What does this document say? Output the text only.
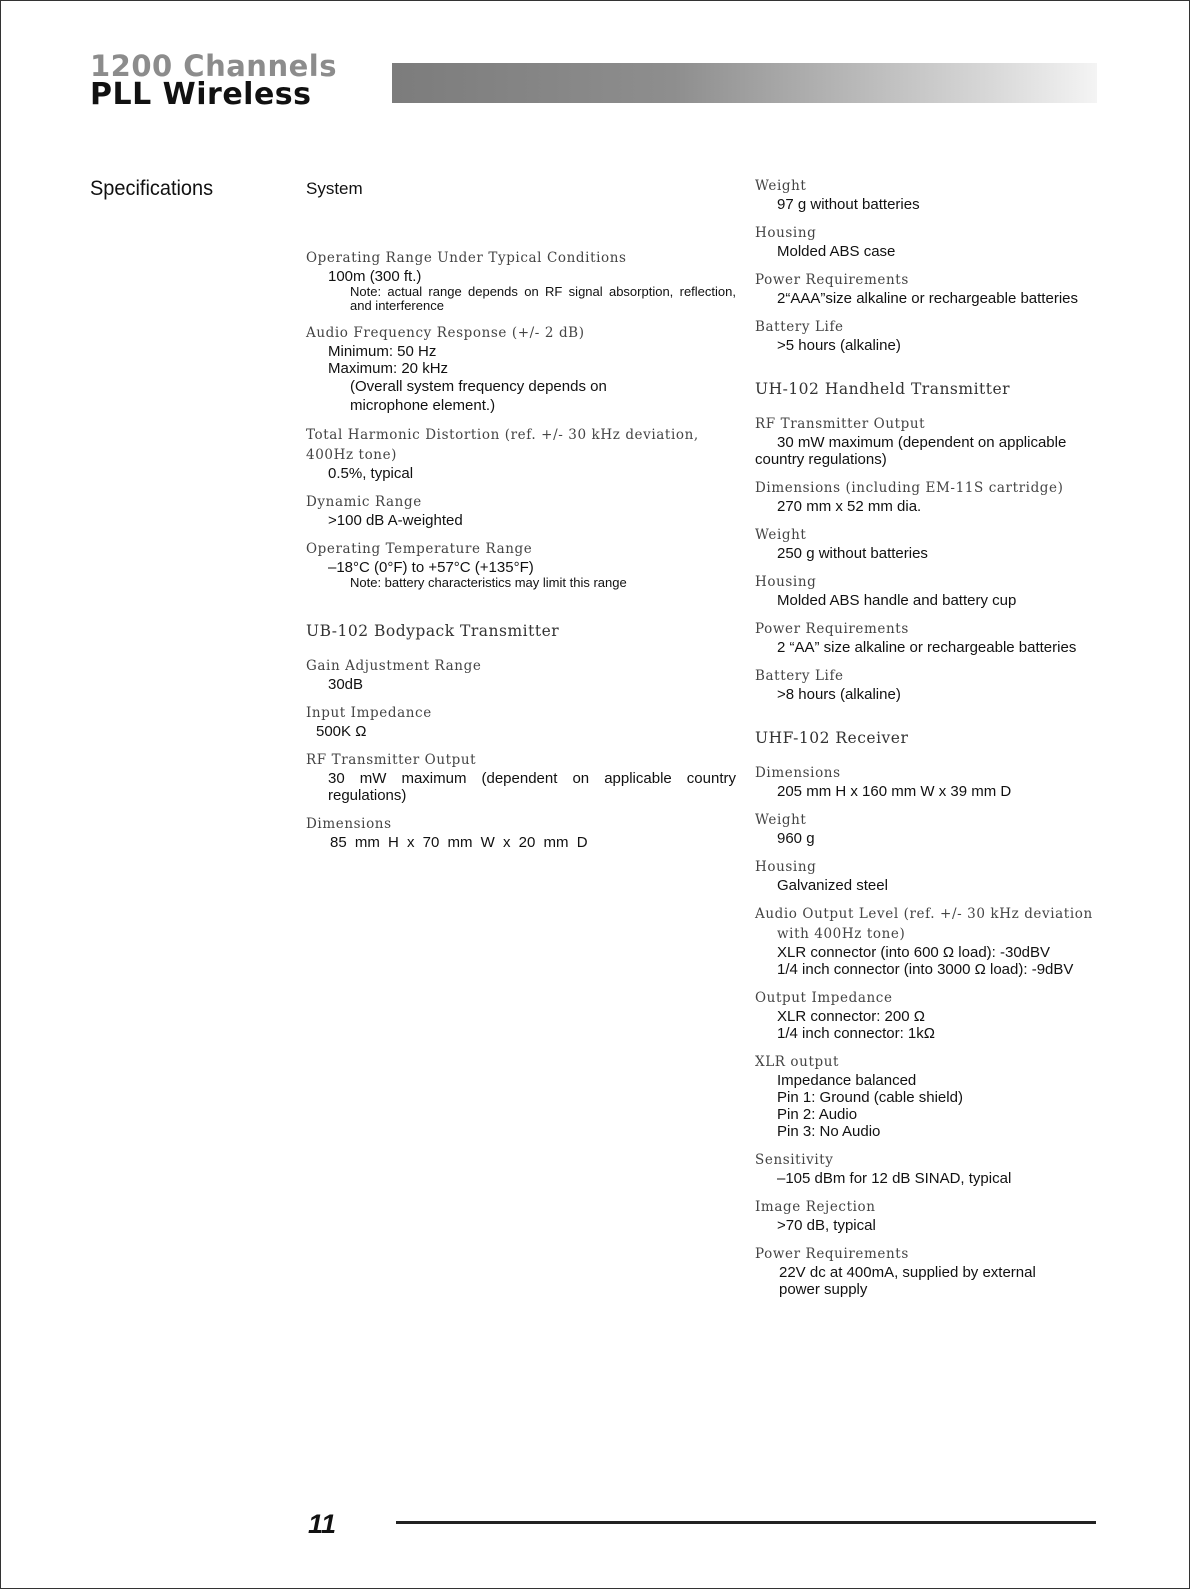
1200 Channels
PLL Wireless
Specifications	System
Operating Range Under Typical Conditions
100m (300 ft.)
Note: actual range depends on RF signal absorption, reflection, and interference
Audio Frequency Response (+/- 2 dB)
Minimum: 50 Hz
Maximum: 20 kHz
(Overall system frequency depends on microphone element.)
Total Harmonic Distortion (ref. +/- 30 kHz deviation, 400Hz tone)
0.5%, typical
Dynamic Range
>100 dB A-weighted
Operating Temperature Range
–18°C (0°F) to +57°C (+135°F)
Note: battery characteristics may limit this range
UB-102 Bodypack Transmitter
Gain Adjustment Range
30dB
Input Impedance
500K Ω
RF Transmitter Output
30 mW maximum (dependent on applicable country regulations)
Dimensions
85 mm H x 70 mm W x 20 mm D
Weight
97 g without batteries
Housing
Molded ABS case
Power Requirements
2“AAA”size alkaline or rechargeable batteries
Battery Life
>5 hours (alkaline)
UH-102 Handheld Transmitter
RF Transmitter Output
30 mW maximum (dependent on applicable
country regulations)
Dimensions (including EM-11S cartridge)
270 mm x 52 mm dia.
Weight
250 g without batteries
Housing
Molded ABS handle and battery cup
Power Requirements
2 “AA” size alkaline or rechargeable batteries
Battery Life
>8 hours (alkaline)
UHF-102 Receiver
Dimensions
205 mm H x 160 mm W x 39 mm D
Weight
960 g
Housing
Galvanized steel
Audio Output Level (ref. +/- 30 kHz deviation
with 400Hz tone)
XLR connector (into 600 Ω load): -30dBV
1/4 inch connector (into 3000 Ω load): -9dBV
Output Impedance
XLR connector: 200 Ω
1/4 inch connector: 1kΩ
XLR output
Impedance balanced
Pin 1: Ground (cable shield)
Pin 2: Audio
Pin 3: No Audio
Sensitivity
–105 dBm for 12 dB SINAD, typical
Image Rejection
>70 dB, typical
Power Requirements
22V dc at 400mA, supplied by external
power supply
11
